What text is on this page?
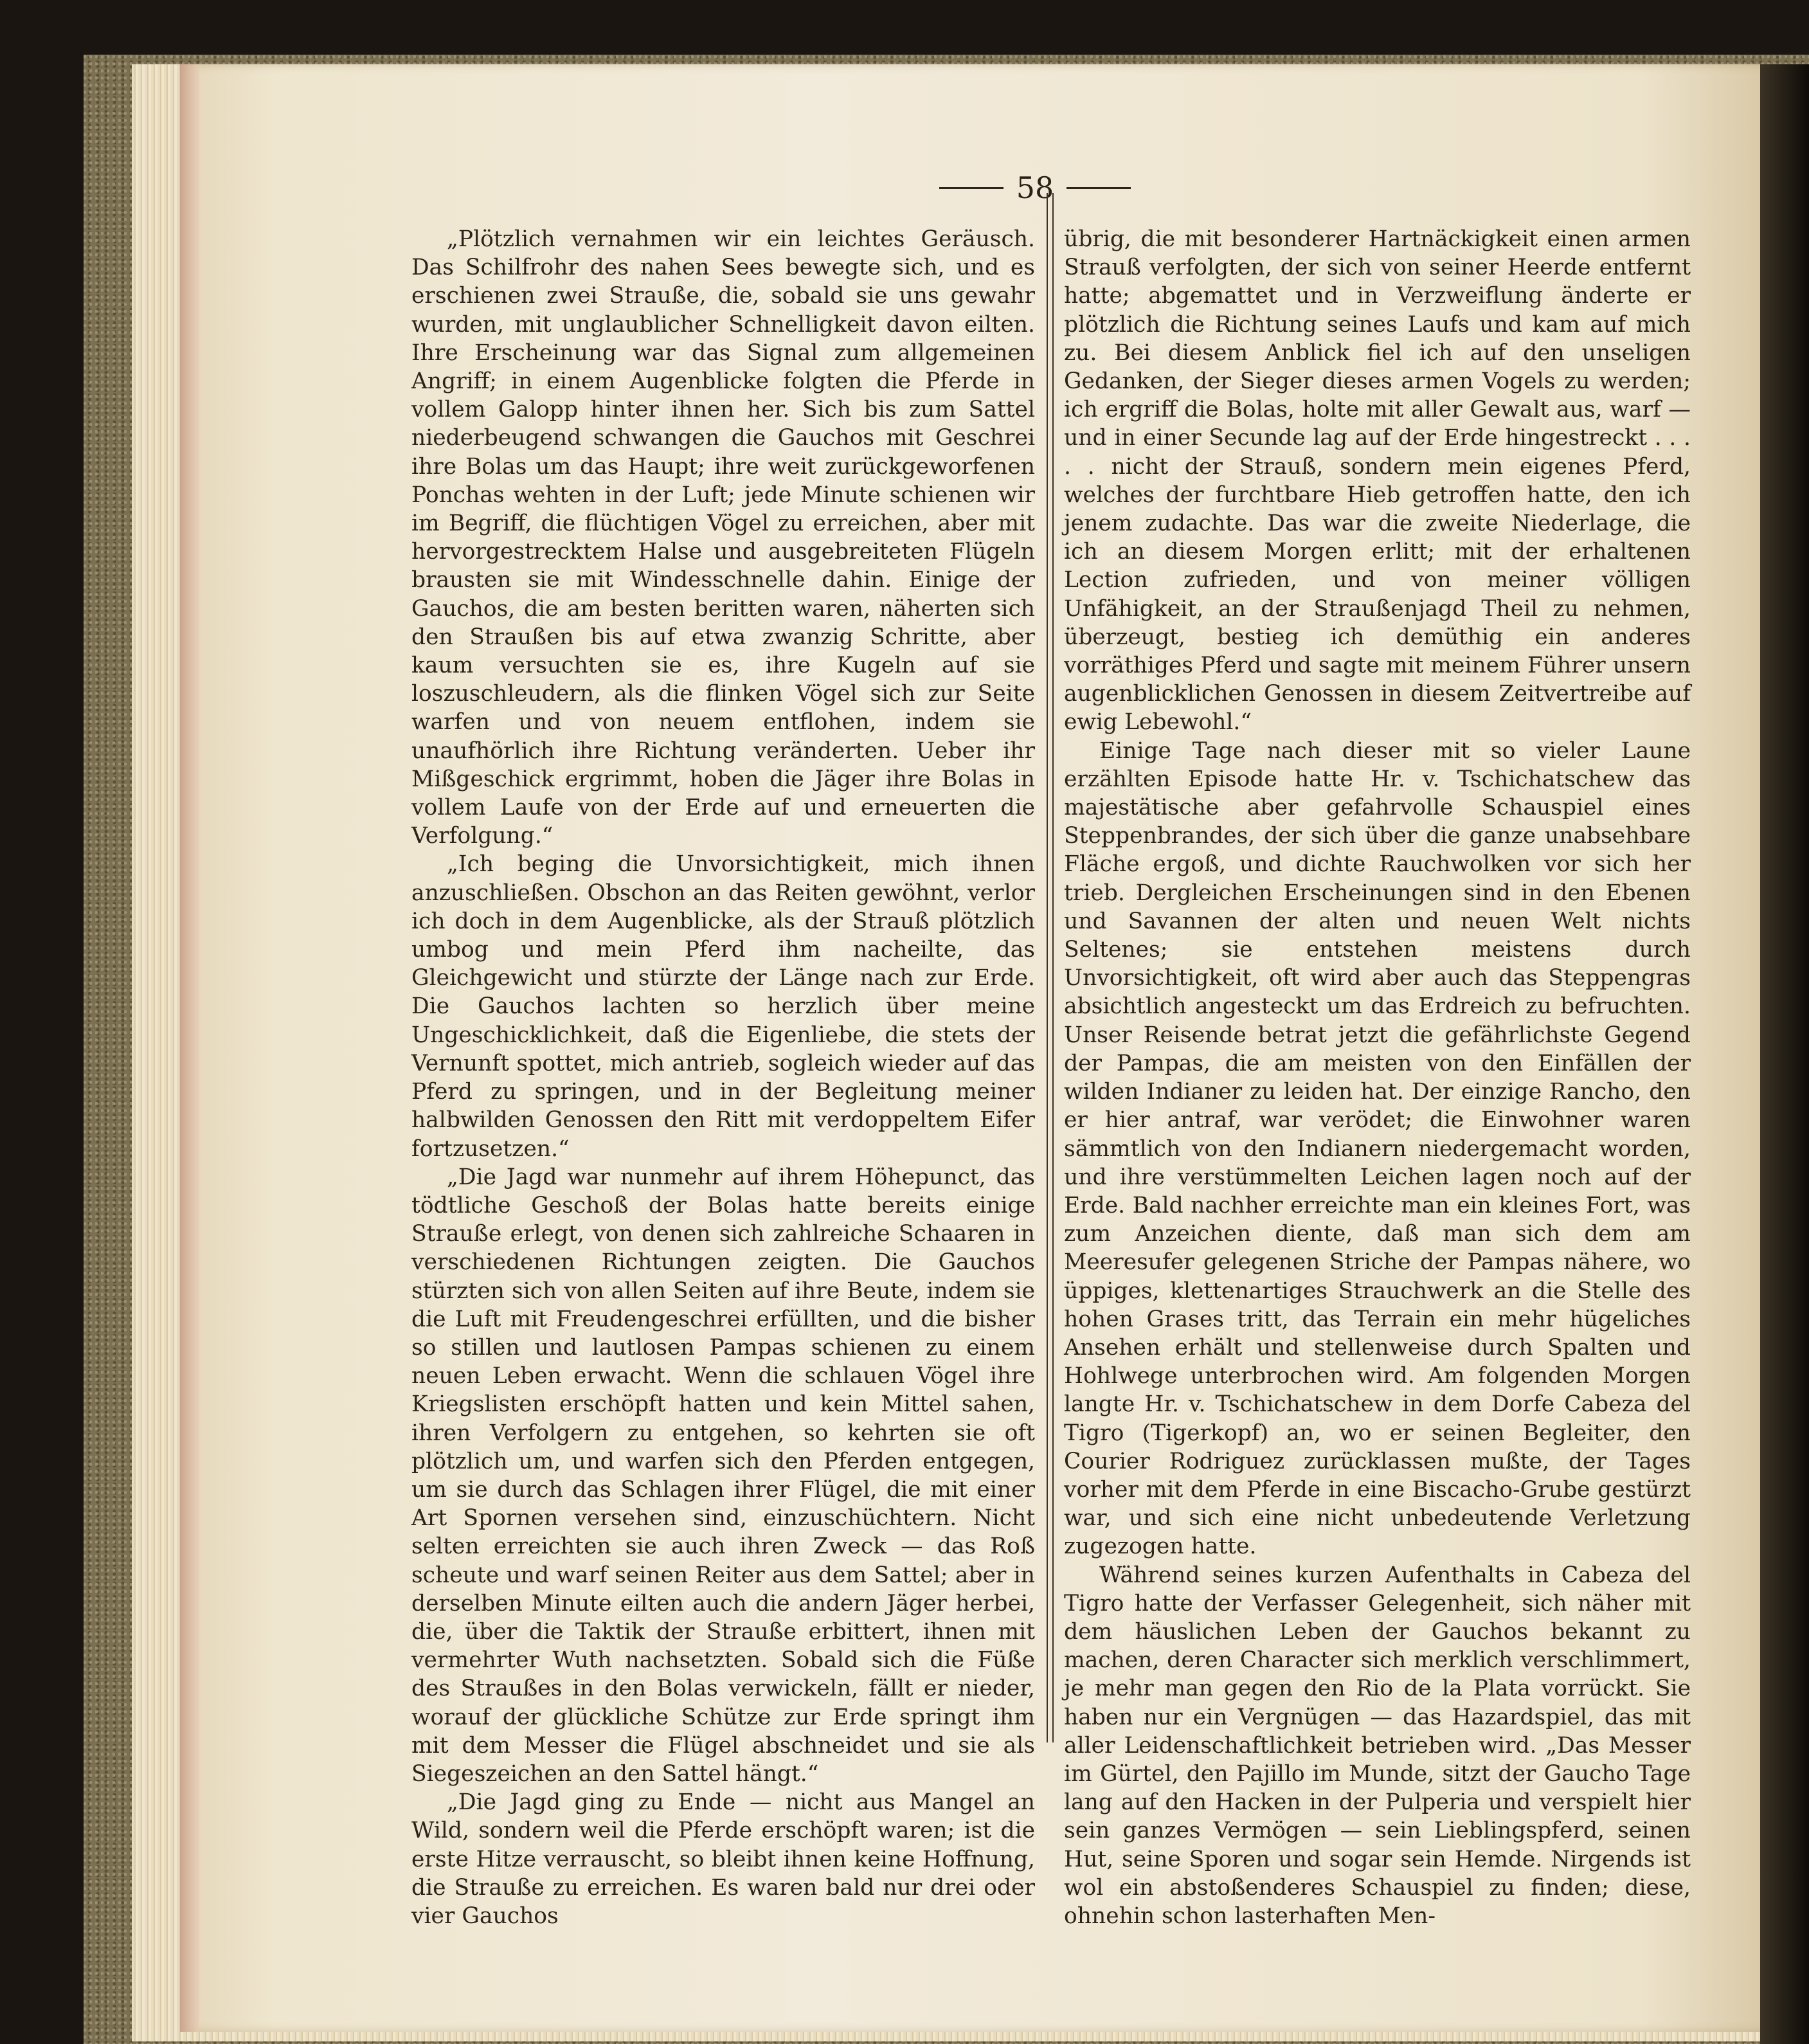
58

„Plötzlich vernahmen wir ein leichtes Geräusch. Das Schilfrohr des nahen Sees bewegte sich, und es erschienen zwei Strauße, die, sobald sie uns gewahr wurden, mit unglaublicher Schnelligkeit davon eilten. Ihre Erscheinung war das Signal zum allgemeinen Angriff; in einem Augenblicke folgten die Pferde in vollem Galopp hinter ihnen her. Sich bis zum Sattel niederbeugend schwangen die Gauchos mit Geschrei ihre Bolas um das Haupt; ihre weit zurückgeworfenen Ponchas wehten in der Luft; jede Minute schienen wir im Begriff, die flüchtigen Vögel zu erreichen, aber mit hervorgestrecktem Halse und ausgebreiteten Flügeln brausten sie mit Windesschnelle dahin. Einige der Gauchos, die am besten beritten waren, näherten sich den Straußen bis auf etwa zwanzig Schritte, aber kaum versuchten sie es, ihre Kugeln auf sie loszuschleudern, als die flinken Vögel sich zur Seite warfen und von neuem entflohen, indem sie unaufhörlich ihre Richtung veränderten. Ueber ihr Mißgeschick ergrimmt, hoben die Jäger ihre Bolas in vollem Laufe von der Erde auf und erneuerten die Verfolgung.“

„Ich beging die Unvorsichtigkeit, mich ihnen anzuschließen. Obschon an das Reiten gewöhnt, verlor ich doch in dem Augenblicke, als der Strauß plötzlich umbog und mein Pferd ihm nacheilte, das Gleichgewicht und stürzte der Länge nach zur Erde. Die Gauchos lachten so herzlich über meine Ungeschicklichkeit, daß die Eigenliebe, die stets der Vernunft spottet, mich antrieb, sogleich wieder auf das Pferd zu springen, und in der Begleitung meiner halbwilden Genossen den Ritt mit verdoppeltem Eifer fortzusetzen.“

„Die Jagd war nunmehr auf ihrem Höhepunct, das tödtliche Geschoß der Bolas hatte bereits einige Strauße erlegt, von denen sich zahlreiche Schaaren in verschiedenen Richtungen zeigten. Die Gauchos stürzten sich von allen Seiten auf ihre Beute, indem sie die Luft mit Freudengeschrei erfüllten, und die bisher so stillen und lautlosen Pampas schienen zu einem neuen Leben erwacht. Wenn die schlauen Vögel ihre Kriegslisten erschöpft hatten und kein Mittel sahen, ihren Verfolgern zu entgehen, so kehrten sie oft plötzlich um, und warfen sich den Pferden entgegen, um sie durch das Schlagen ihrer Flügel, die mit einer Art Spornen versehen sind, einzuschüchtern. Nicht selten erreichten sie auch ihren Zweck — das Roß scheute und warf seinen Reiter aus dem Sattel; aber in derselben Minute eilten auch die andern Jäger herbei, die, über die Taktik der Strauße erbittert, ihnen mit vermehrter Wuth nachsetzten. Sobald sich die Füße des Straußes in den Bolas verwickeln, fällt er nieder, worauf der glückliche Schütze zur Erde springt ihm mit dem Messer die Flügel abschneidet und sie als Siegeszeichen an den Sattel hängt.“

„Die Jagd ging zu Ende — nicht aus Mangel an Wild, sondern weil die Pferde erschöpft waren; ist die erste Hitze verrauscht, so bleibt ihnen keine Hoffnung, die Strauße zu erreichen. Es waren bald nur drei oder vier Gauchos

übrig, die mit besonderer Hartnäckigkeit einen armen Strauß verfolgten, der sich von seiner Heerde entfernt hatte; abgemattet und in Verzweiflung änderte er plötzlich die Richtung seines Laufs und kam auf mich zu. Bei diesem Anblick fiel ich auf den unseligen Gedanken, der Sieger dieses armen Vogels zu werden; ich ergriff die Bolas, holte mit aller Gewalt aus, warf — und in einer Secunde lag auf der Erde hingestreckt . . . . . nicht der Strauß, sondern mein eigenes Pferd, welches der furchtbare Hieb getroffen hatte, den ich jenem zudachte. Das war die zweite Niederlage, die ich an diesem Morgen erlitt; mit der erhaltenen Lection zufrieden, und von meiner völligen Unfähigkeit, an der Straußenjagd Theil zu nehmen, überzeugt, bestieg ich demüthig ein anderes vorräthiges Pferd und sagte mit meinem Führer unsern augenblicklichen Genossen in diesem Zeitvertreibe auf ewig Lebewohl.“

Einige Tage nach dieser mit so vieler Laune erzählten Episode hatte Hr. v. Tschichatschew das majestätische aber gefahrvolle Schauspiel eines Steppenbrandes, der sich über die ganze unabsehbare Fläche ergoß, und dichte Rauchwolken vor sich her trieb. Dergleichen Erscheinungen sind in den Ebenen und Savannen der alten und neuen Welt nichts Seltenes; sie entstehen meistens durch Unvorsichtigkeit, oft wird aber auch das Steppengras absichtlich angesteckt um das Erdreich zu befruchten. Unser Reisende betrat jetzt die gefährlichste Gegend der Pampas, die am meisten von den Einfällen der wilden Indianer zu leiden hat. Der einzige Rancho, den er hier antraf, war verödet; die Einwohner waren sämmtlich von den Indianern niedergemacht worden, und ihre verstümmelten Leichen lagen noch auf der Erde. Bald nachher erreichte man ein kleines Fort, was zum Anzeichen diente, daß man sich dem am Meeresufer gelegenen Striche der Pampas nähere, wo üppiges, klettenartiges Strauchwerk an die Stelle des hohen Grases tritt, das Terrain ein mehr hügeliches Ansehen erhält und stellenweise durch Spalten und Hohlwege unterbrochen wird. Am folgenden Morgen langte Hr. v. Tschichatschew in dem Dorfe Cabeza del Tigro (Tigerkopf) an, wo er seinen Begleiter, den Courier Rodriguez zurücklassen mußte, der Tages vorher mit dem Pferde in eine Biscacho-Grube gestürzt war, und sich eine nicht unbedeutende Verletzung zugezogen hatte.

Während seines kurzen Aufenthalts in Cabeza del Tigro hatte der Verfasser Gelegenheit, sich näher mit dem häuslichen Leben der Gauchos bekannt zu machen, deren Character sich merklich verschlimmert, je mehr man gegen den Rio de la Plata vorrückt. Sie haben nur ein Vergnügen — das Hazardspiel, das mit aller Leidenschaftlichkeit betrieben wird. „Das Messer im Gürtel, den Pajillo im Munde, sitzt der Gaucho Tage lang auf den Hacken in der Pulperia und verspielt hier sein ganzes Vermögen — sein Lieblingspferd, seinen Hut, seine Sporen und sogar sein Hemde. Nirgends ist wol ein abstoßenderes Schauspiel zu finden; diese, ohnehin schon lasterhaften Men-
